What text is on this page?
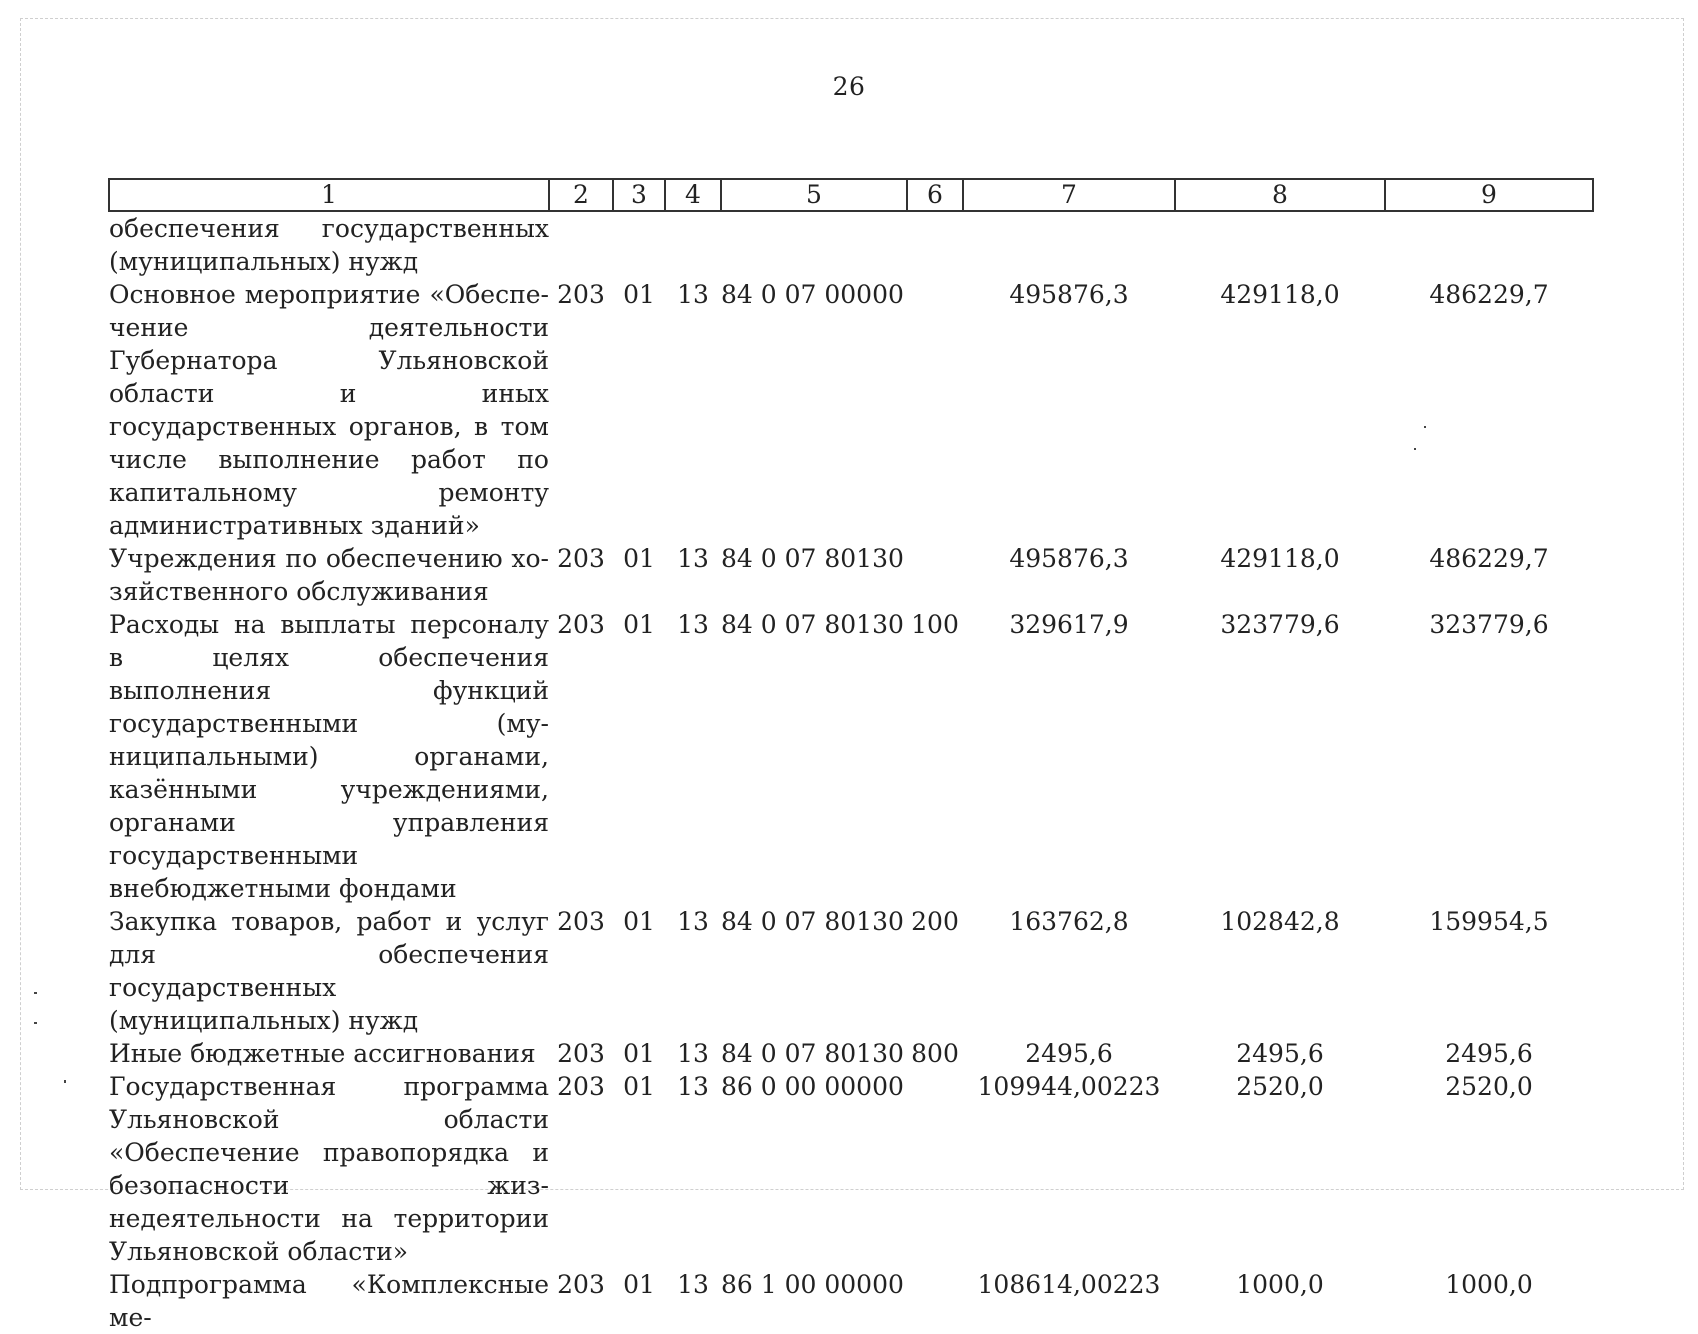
26
1	2	3	4	5	6	7	8	9
обеспечения государственных (муниципальных) нужд								
Основное мероприятие «Обеспечение деятельности Губернатора Ульяновской области и иных государственных органов, в том числе выполнение работ по капитальному ремонту административных зданий»	203	01	13	84 0 07 00000		495876,3	429118,0	486229,7
Учреждения по обеспечению хозяйственного обслуживания	203	01	13	84 0 07 80130		495876,3	429118,0	486229,7
Расходы на выплаты персоналу в целях обеспечения выполнения функций государственными (муниципальными) органами, казёнными учреждениями, органами управления государственными внебюджетными фондами	203	01	13	84 0 07 80130	100	329617,9	323779,6	323779,6
Закупка товаров, работ и услуг для обеспечения государственных (муниципальных) нужд	203	01	13	84 0 07 80130	200	163762,8	102842,8	159954,5
Иные бюджетные ассигнования	203	01	13	84 0 07 80130	800	2495,6	2495,6	2495,6
Государственная программа Ульяновской области «Обеспечение правопорядка и безопасности жизнедеятельности на территории Ульяновской области»	203	01	13	86 0 00 00000		109944,00223	2520,0	2520,0
Подпрограмма «Комплексные ме-	203	01	13	86 1 00 00000		108614,00223	1000,0	1000,0
